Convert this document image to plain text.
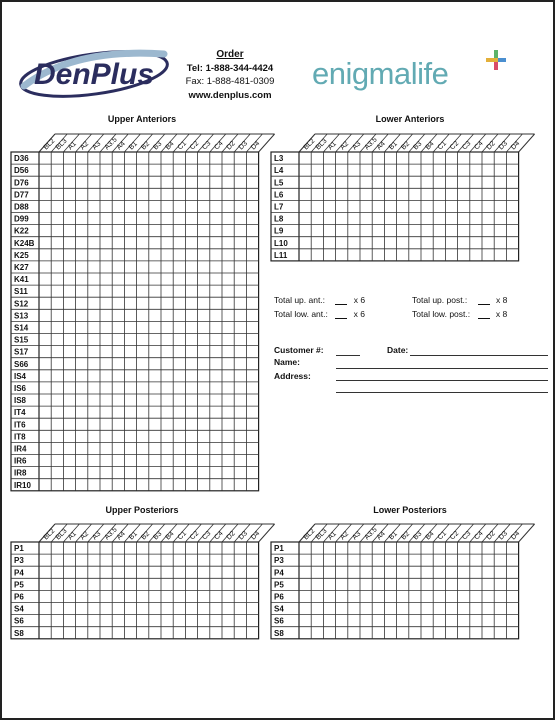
DenPlus
Order
Tel: 1-888-344-4424
Fax: 1-888-481-0309
www.denplus.com
enigmalife
Upper Anteriors	Lower Anteriors
Upper Posteriors	Lower Posteriors
BL2
BL3
A1 A2 A3 A3.5
A4 B1 B2 B3 B4 C1 C2 C3 C4 D2 D3 D4
D36
D56
D76
D77
D88
D99
K22
K24B
K25
K27
K41
S11
S12
S13
S14
S15
S17
S66
IS4
IS6
IS8
IT4
IT6
IT8
IR4
IR6
IR8
IR10
BL2
BL3
A1 A2 A3 A3.5
A4 B1 B2 B3 B4 C1 C2 C3 C4 D2 D3 D4
L3
L4
L5
L6
L7
L8
L9
L10
L11
BL2
BL3
A1 A2 A3 A3.5
A4 B1 B2 B3 B4 C1 C2 C3 C4 D2 D3 D4
P1
P3
P4
P5
P6
S4
S6
S8
BL2
BL3
A1 A2 A3 A3.5
A4 B1 B2 B3 B4 C1 C2 C3 C4 D2 D3 D4
P1
P3
P4
P5
P6
S4
S6
S8
Total up. ant.:	x 6	Total up. post.:	x 8
Total low. ant.:	x 6	Total low. post.:	x 8
Customer #:	Date:
Name:
Address:
